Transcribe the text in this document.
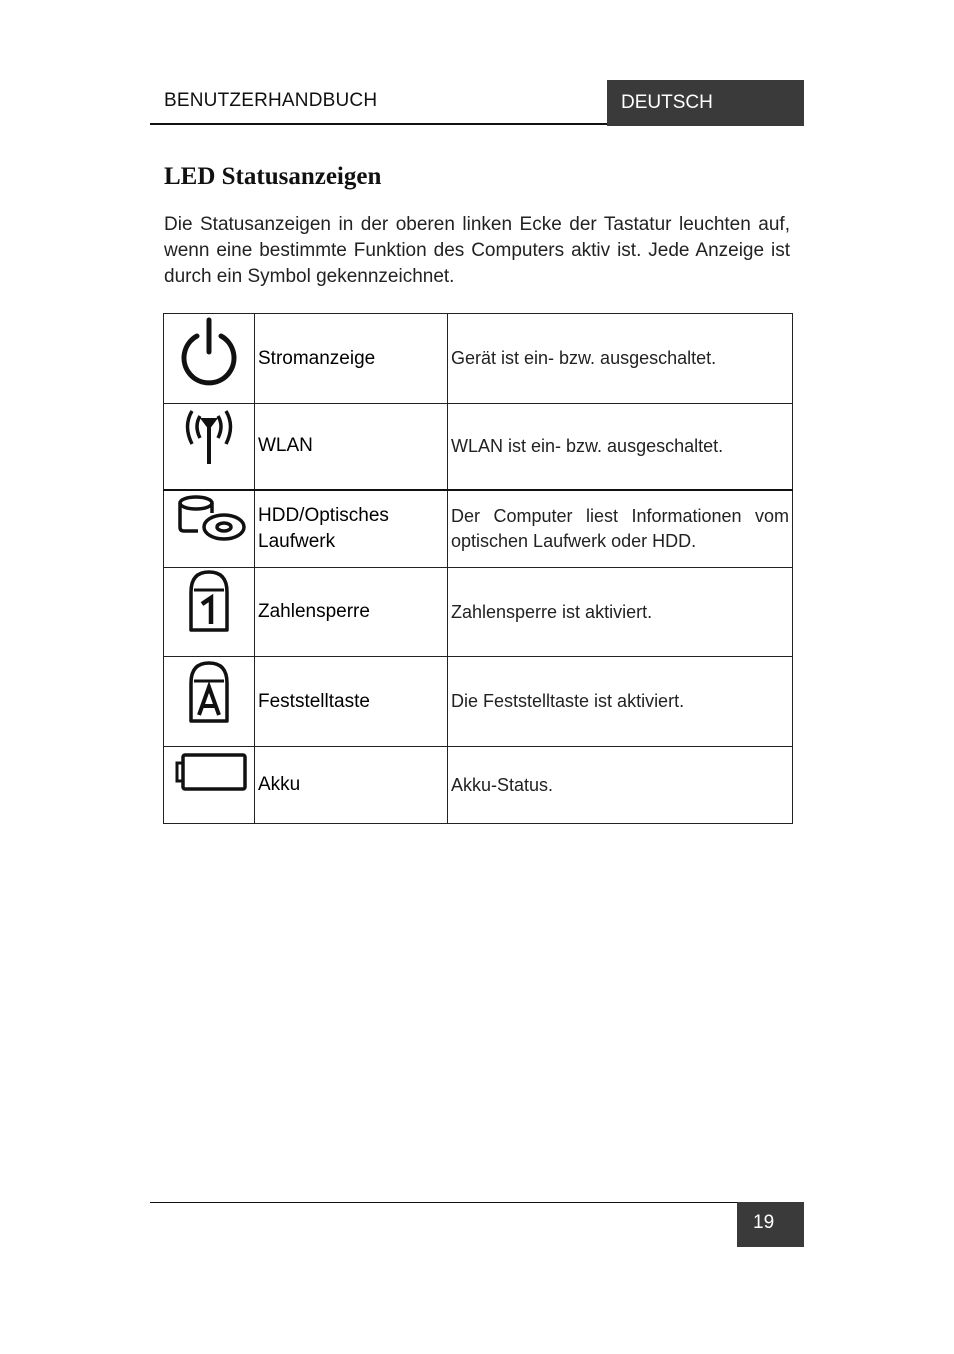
BENUTZERHANDBUCH	DEUTSCH
LED Statusanzeigen

Die Statusanzeigen in der oberen linken Ecke der Tastatur leuchten auf, wenn eine bestimmte Funktion des Computers aktiv ist. Jede Anzeige ist durch ein Symbol gekennzeichnet.

	Stromanzeige	Gerät ist ein- bzw. ausgeschaltet.

	WLAN	WLAN ist ein- bzw. ausgeschaltet.

	HDD/Optisches Laufwerk	Der Computer liest Informationen vom optischen Laufwerk oder HDD.

	Zahlensperre	Zahlensperre ist aktiviert.

	Feststelltaste	Die Feststelltaste ist aktiviert.

	Akku	Akku-Status.
19
